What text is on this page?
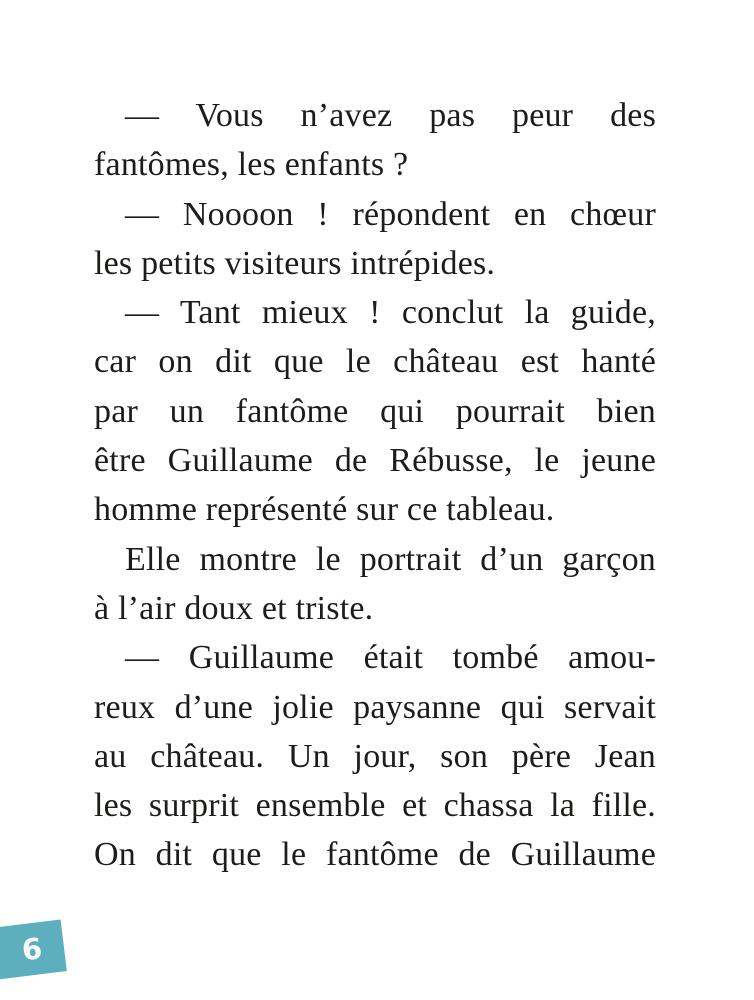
— Vous n’avez pas peur des
fantômes, les enfants ?
— Noooon ! répondent en chœur
les petits visiteurs intrépides.
— Tant mieux ! conclut la guide,
car on dit que le château est hanté
par un fantôme qui pourrait bien
être Guillaume de Rébusse, le jeune
homme représenté sur ce tableau.
Elle montre le portrait d’un garçon
à l’air doux et triste.
— Guillaume était tombé amou-
reux d’une jolie paysanne qui servait
au château. Un jour, son père Jean
les surprit ensemble et chassa la fille.
On dit que le fantôme de Guillaume
6
